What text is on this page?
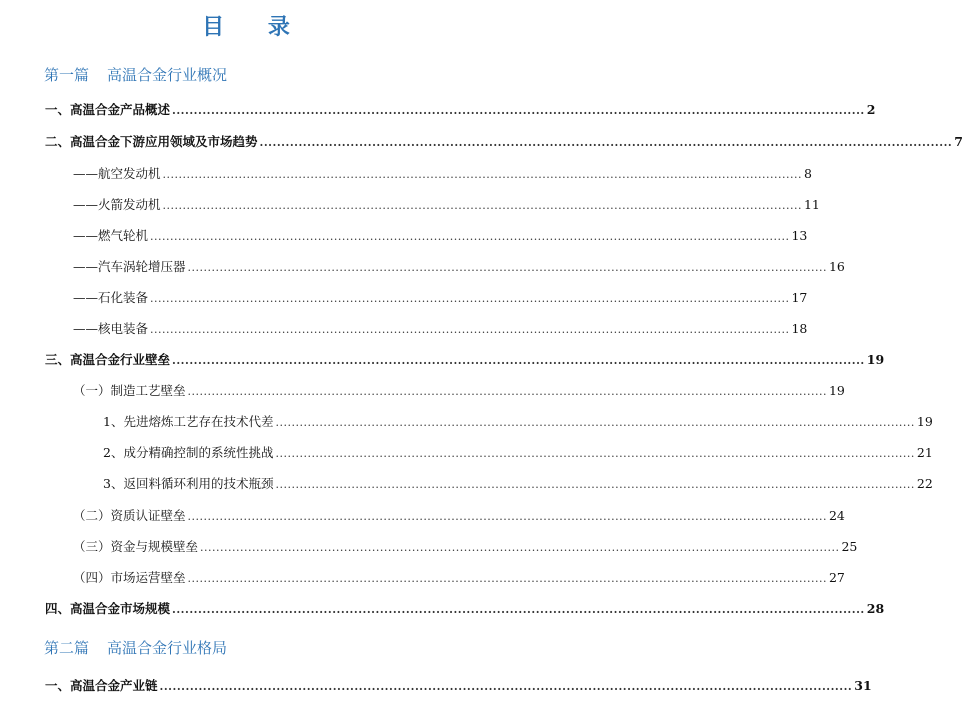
目 录
第一篇 高温合金行业概况
一、高温合金产品概述 ................................................................................................................................................................ 2
二、高温合金下游应用领域及市场趋势 ................................................................................................................................................................ 7
——航空发动机 ................................................................................................................................................................ 8
——火箭发动机 ................................................................................................................................................................ 11
——燃气轮机 ................................................................................................................................................................ 13
——汽车涡轮增压器 ................................................................................................................................................................ 16
——石化装备 ................................................................................................................................................................ 17
——核电装备 ................................................................................................................................................................ 18
三、高温合金行业壁垒 ................................................................................................................................................................ 19
（一）制造工艺壁垒 ................................................................................................................................................................ 19
1、先进熔炼工艺存在技术代差 ................................................................................................................................................................ 19
2、成分精确控制的系统性挑战 ................................................................................................................................................................ 21
3、返回料循环利用的技术瓶颈 ................................................................................................................................................................ 22
（二）资质认证壁垒 ................................................................................................................................................................ 24
（三）资金与规模壁垒 ................................................................................................................................................................ 25
（四）市场运营壁垒 ................................................................................................................................................................ 27
四、高温合金市场规模 ................................................................................................................................................................ 28
第二篇 高温合金行业格局
一、高温合金产业链 ................................................................................................................................................................ 31
